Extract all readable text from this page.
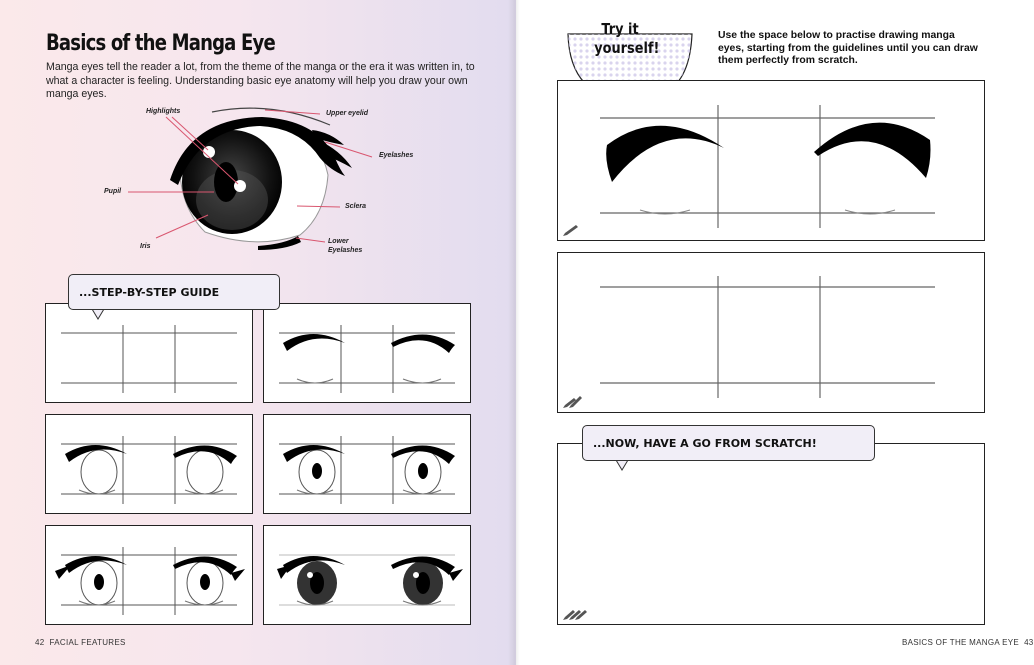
Basics of the Manga Eye
Manga eyes tell the reader a lot, from the theme of the manga or the era it was written in, to what a character is feeling. Understanding basic eye anatomy will help you draw your own manga eyes.
Highlights	Upper eyelid
Eyelashes
Pupil
Sclera
Iris
Lower
Eyelashes
...STEP-BY-STEP GUIDE
42 FACIAL FEATURES
Try it
yourself!
Use the space below to practise drawing manga eyes, starting from the guidelines until you can draw them perfectly from scratch.
...NOW, HAVE A GO FROM SCRATCH!
BASICS OF THE MANGA EYE 43
